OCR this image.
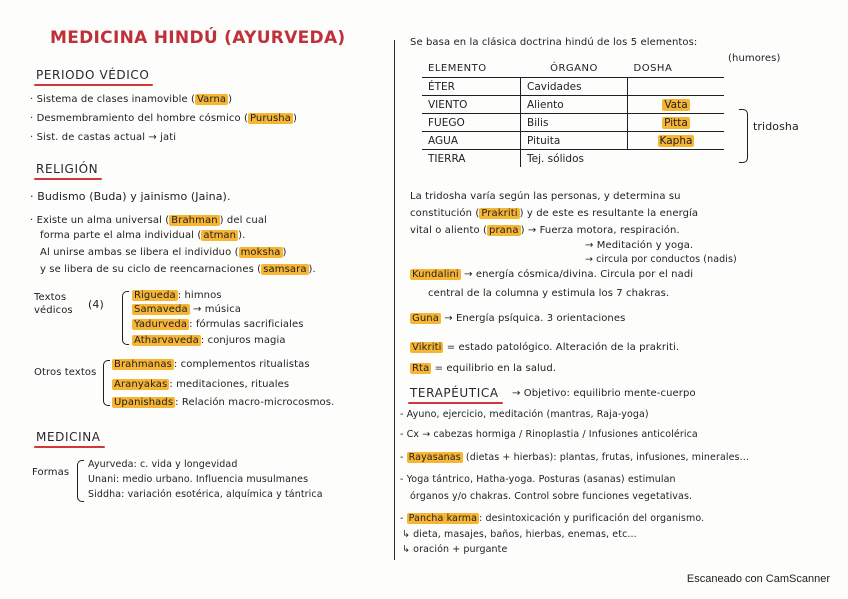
MEDICINA HINDÚ (AYURVEDA)
PERIODO VÉDICO
· Sistema de clases inamovible ( Varna )
· Desmembramiento del hombre cósmico ( Purusha )
· Sist. de castas actual → jati
RELIGIÓN
· Budismo (Buda) y jainismo (Jaina).
· Existe un alma universal ( Brahman ) del cual
forma parte el alma individual ( atman ).
Al unirse ambas se libera el individuo ( moksha )
y se libera de su ciclo de reencarnaciones ( samsara ).
Textos
védicos (4)
Rigueda : himnos
Samaveda → música
Yadurveda : fórmulas sacrificiales
Atharvaveda : conjuros magia
Otros textos
Brahmanas : complementos ritualistas
Aranyakas : meditaciones, rituales
Upanishads : Relación macro-microcosmos.
MEDICINA
Formas
Ayurveda: c. vida y longevidad
Unani: medio urbano. Influencia musulmanes
Siddha: variación esotérica, alquímica y tántrica
Se basa en la clásica doctrina hindú de los 5 elementos:
(humores)
ELEMENTO	ÓRGANO	DOSHA
ÉTER	Cavidades	
VIENTO	Aliento	Vata
FUEGO	Bilis	Pitta
AGUA	Pituita	Kapha
TIERRA	Tej. sólidos	
tridosha
La tridosha varía según las personas, y determina su
constitución ( Prakriti ) y de este es resultante la energía
vital o aliento ( prana ) → Fuerza motora, respiración.
→ Meditación y yoga.
→ circula por conductos (nadis)
Kundalini → energía cósmica/divina. Circula por el nadi
central de la columna y estimula los 7 chakras.
Guna → Energía psíquica. 3 orientaciones
Vikriti = estado patológico. Alteración de la prakriti.
Rta = equilibrio en la salud.
TERAPÉUTICA → Objetivo: equilibrio mente-cuerpo
- Ayuno, ejercicio, meditación (mantras, Raja-yoga)
- Cx → cabezas hormiga / Rinoplastia / Infusiones anticolérica
- Rayasanas (dietas + hierbas): plantas, frutas, infusiones, minerales...
- Yoga tántrico, Hatha-yoga. Posturas (asanas) estimulan
órganos y/o chakras. Control sobre funciones vegetativas.
- Pancha karma : desintoxicación y purificación del organismo.
↳ dieta, masajes, baños, hierbas, enemas, etc...
↳ oración + purgante
Escaneado con CamScanner
